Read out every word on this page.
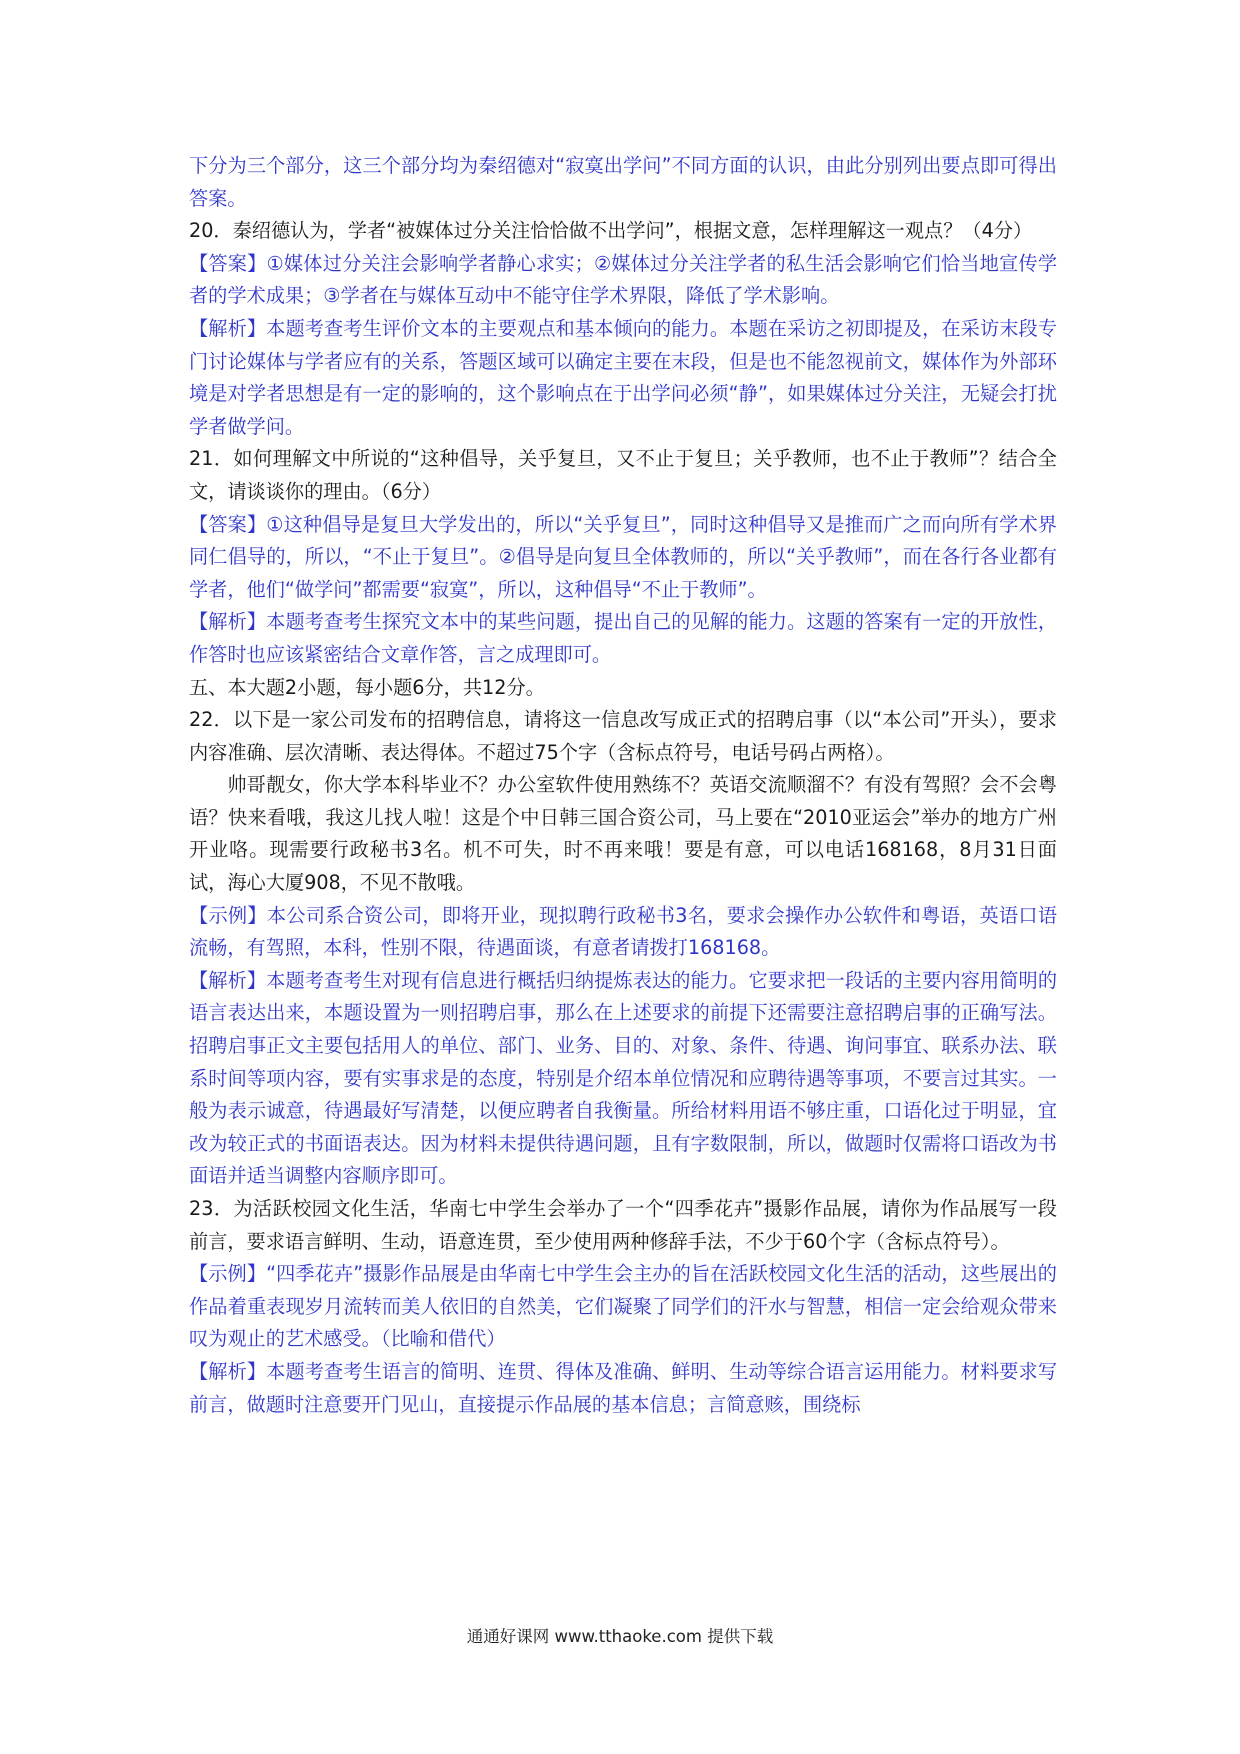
下分为三个部分，这三个部分均为秦绍德对“寂寞出学问”不同方面的认识，由此分别列出要点即可得出答案。

20．秦绍德认为，学者“被媒体过分关注恰恰做不出学问”，根据文意，怎样理解这一观点？（4分）

【答案】①媒体过分关注会影响学者静心求实；②媒体过分关注学者的私生活会影响它们恰当地宣传学者的学术成果；③学者在与媒体互动中不能守住学术界限，降低了学术影响。

【解析】本题考查考生评价文本的主要观点和基本倾向的能力。本题在采访之初即提及，在采访末段专门讨论媒体与学者应有的关系，答题区域可以确定主要在末段，但是也不能忽视前文，媒体作为外部环境是对学者思想是有一定的影响的，这个影响点在于出学问必须“静”，如果媒体过分关注，无疑会打扰学者做学问。

21．如何理解文中所说的“这种倡导，关乎复旦，又不止于复旦；关乎教师，也不止于教师”？结合全文，请谈谈你的理由。（6分）

【答案】①这种倡导是复旦大学发出的，所以“关乎复旦”，同时这种倡导又是推而广之而向所有学术界同仁倡导的，所以，“不止于复旦”。②倡导是向复旦全体教师的，所以“关乎教师”，而在各行各业都有学者，他们“做学问”都需要“寂寞”，所以，这种倡导“不止于教师”。

【解析】本题考查考生探究文本中的某些问题，提出自己的见解的能力。这题的答案有一定的开放性，作答时也应该紧密结合文章作答，言之成理即可。

五、本大题2小题，每小题6分，共12分。

22．以下是一家公司发布的招聘信息，请将这一信息改写成正式的招聘启事（以“本公司”开头），要求内容准确、层次清晰、表达得体。不超过75个字（含标点符号，电话号码占两格）。

帅哥靓女，你大学本科毕业不？办公室软件使用熟练不？英语交流顺溜不？有没有驾照？会不会粤语？快来看哦，我这儿找人啦！这是个中日韩三国合资公司，马上要在“2010亚运会”举办的地方广州开业咯。现需要行政秘书3名。机不可失，时不再来哦！要是有意，可以电话168168，8月31日面试，海心大厦908，不见不散哦。

【示例】本公司系合资公司，即将开业，现拟聘行政秘书3名，要求会操作办公软件和粤语，英语口语流畅，有驾照，本科，性别不限，待遇面谈，有意者请拨打168168。

【解析】本题考查考生对现有信息进行概括归纳提炼表达的能力。它要求把一段话的主要内容用简明的语言表达出来，本题设置为一则招聘启事，那么在上述要求的前提下还需要注意招聘启事的正确写法。招聘启事正文主要包括用人的单位、部门、业务、目的、对象、条件、待遇、询问事宜、联系办法、联系时间等项内容，要有实事求是的态度，特别是介绍本单位情况和应聘待遇等事项，不要言过其实。一般为表示诚意，待遇最好写清楚，以便应聘者自我衡量。所给材料用语不够庄重，口语化过于明显，宜改为较正式的书面语表达。因为材料未提供待遇问题，且有字数限制，所以，做题时仅需将口语改为书面语并适当调整内容顺序即可。

23．为活跃校园文化生活，华南七中学生会举办了一个“四季花卉”摄影作品展，请你为作品展写一段前言，要求语言鲜明、生动，语意连贯，至少使用两种修辞手法，不少于60个字（含标点符号）。

【示例】“四季花卉”摄影作品展是由华南七中学生会主办的旨在活跃校园文化生活的活动，这些展出的作品着重表现岁月流转而美人依旧的自然美，它们凝聚了同学们的汗水与智慧，相信一定会给观众带来叹为观止的艺术感受。（比喻和借代）

【解析】本题考查考生语言的简明、连贯、得体及准确、鲜明、生动等综合语言运用能力。材料要求写前言，做题时注意要开门见山，直接提示作品展的基本信息；言简意赅，围绕标

通通好课网 www.tthaoke.com 提供下载
